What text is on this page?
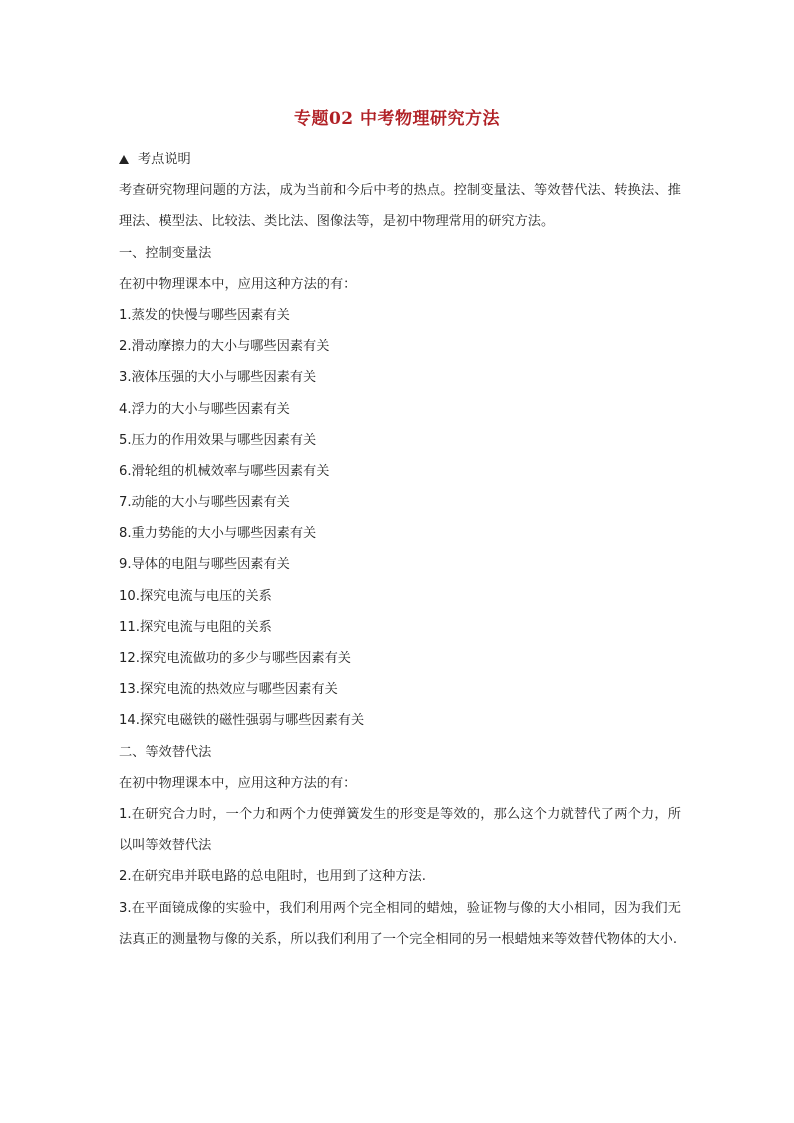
专题02 中考物理研究方法
考点说明
考查研究物理问题的方法，成为当前和今后中考的热点。控制变量法、等效替代法、转换法、推理法、模型法、比较法、类比法、图像法等，是初中物理常用的研究方法。
一、控制变量法
在初中物理课本中，应用这种方法的有：
1.蒸发的快慢与哪些因素有关
2.滑动摩擦力的大小与哪些因素有关
3.液体压强的大小与哪些因素有关
4.浮力的大小与哪些因素有关
5.压力的作用效果与哪些因素有关
6.滑轮组的机械效率与哪些因素有关
7.动能的大小与哪些因素有关
8.重力势能的大小与哪些因素有关
9.导体的电阻与哪些因素有关
10.探究电流与电压的关系
11.探究电流与电阻的关系
12.探究电流做功的多少与哪些因素有关
13.探究电流的热效应与哪些因素有关
14.探究电磁铁的磁性强弱与哪些因素有关
二、等效替代法
在初中物理课本中，应用这种方法的有：
1.在研究合力时，一个力和两个力使弹簧发生的形变是等效的，那么这个力就替代了两个力，所以叫等效替代法
2.在研究串并联电路的总电阻时，也用到了这种方法.
3.在平面镜成像的实验中，我们利用两个完全相同的蜡烛，验证物与像的大小相同，因为我们无法真正的测量物与像的关系，所以我们利用了一个完全相同的另一根蜡烛来等效替代物体的大小.
